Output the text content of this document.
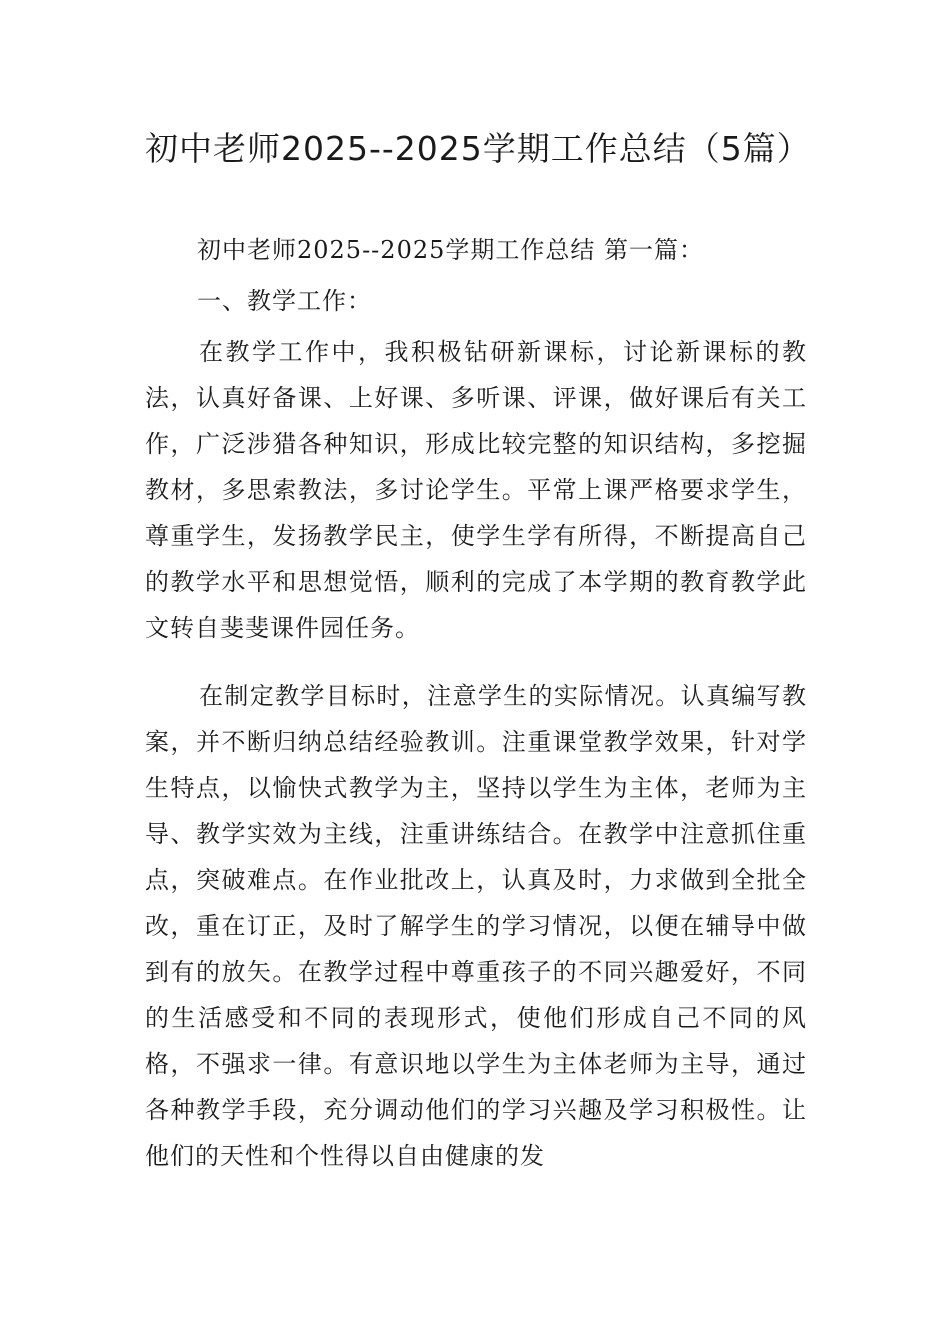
初中老师2025--2025学期工作总结（5篇）

初中老师2025--2025学期工作总结 第一篇：

一、教学工作：

在教学工作中，我积极钻研新课标，讨论新课标的教法，认真好备课、上好课、多听课、评课，做好课后有关工作，广泛涉猎各种知识，形成比较完整的知识结构，多挖掘教材，多思索教法，多讨论学生。平常上课严格要求学生，尊重学生，发扬教学民主，使学生学有所得，不断提高自己的教学水平和思想觉悟，顺利的完成了本学期的教育教学此文转自斐斐课件园任务。

在制定教学目标时，注意学生的实际情况。认真编写教案，并不断归纳总结经验教训。注重课堂教学效果，针对学生特点，以愉快式教学为主，坚持以学生为主体，老师为主导、教学实效为主线，注重讲练结合。在教学中注意抓住重点，突破难点。在作业批改上，认真及时，力求做到全批全改，重在订正，及时了解学生的学习情况，以便在辅导中做到有的放矢。在教学过程中尊重孩子的不同兴趣爱好，不同的生活感受和不同的表现形式，使他们形成自己不同的风格，不强求一律。有意识地以学生为主体老师为主导，通过各种教学手段，充分调动他们的学习兴趣及学习积极性。让他们的天性和个性得以自由健康的发
